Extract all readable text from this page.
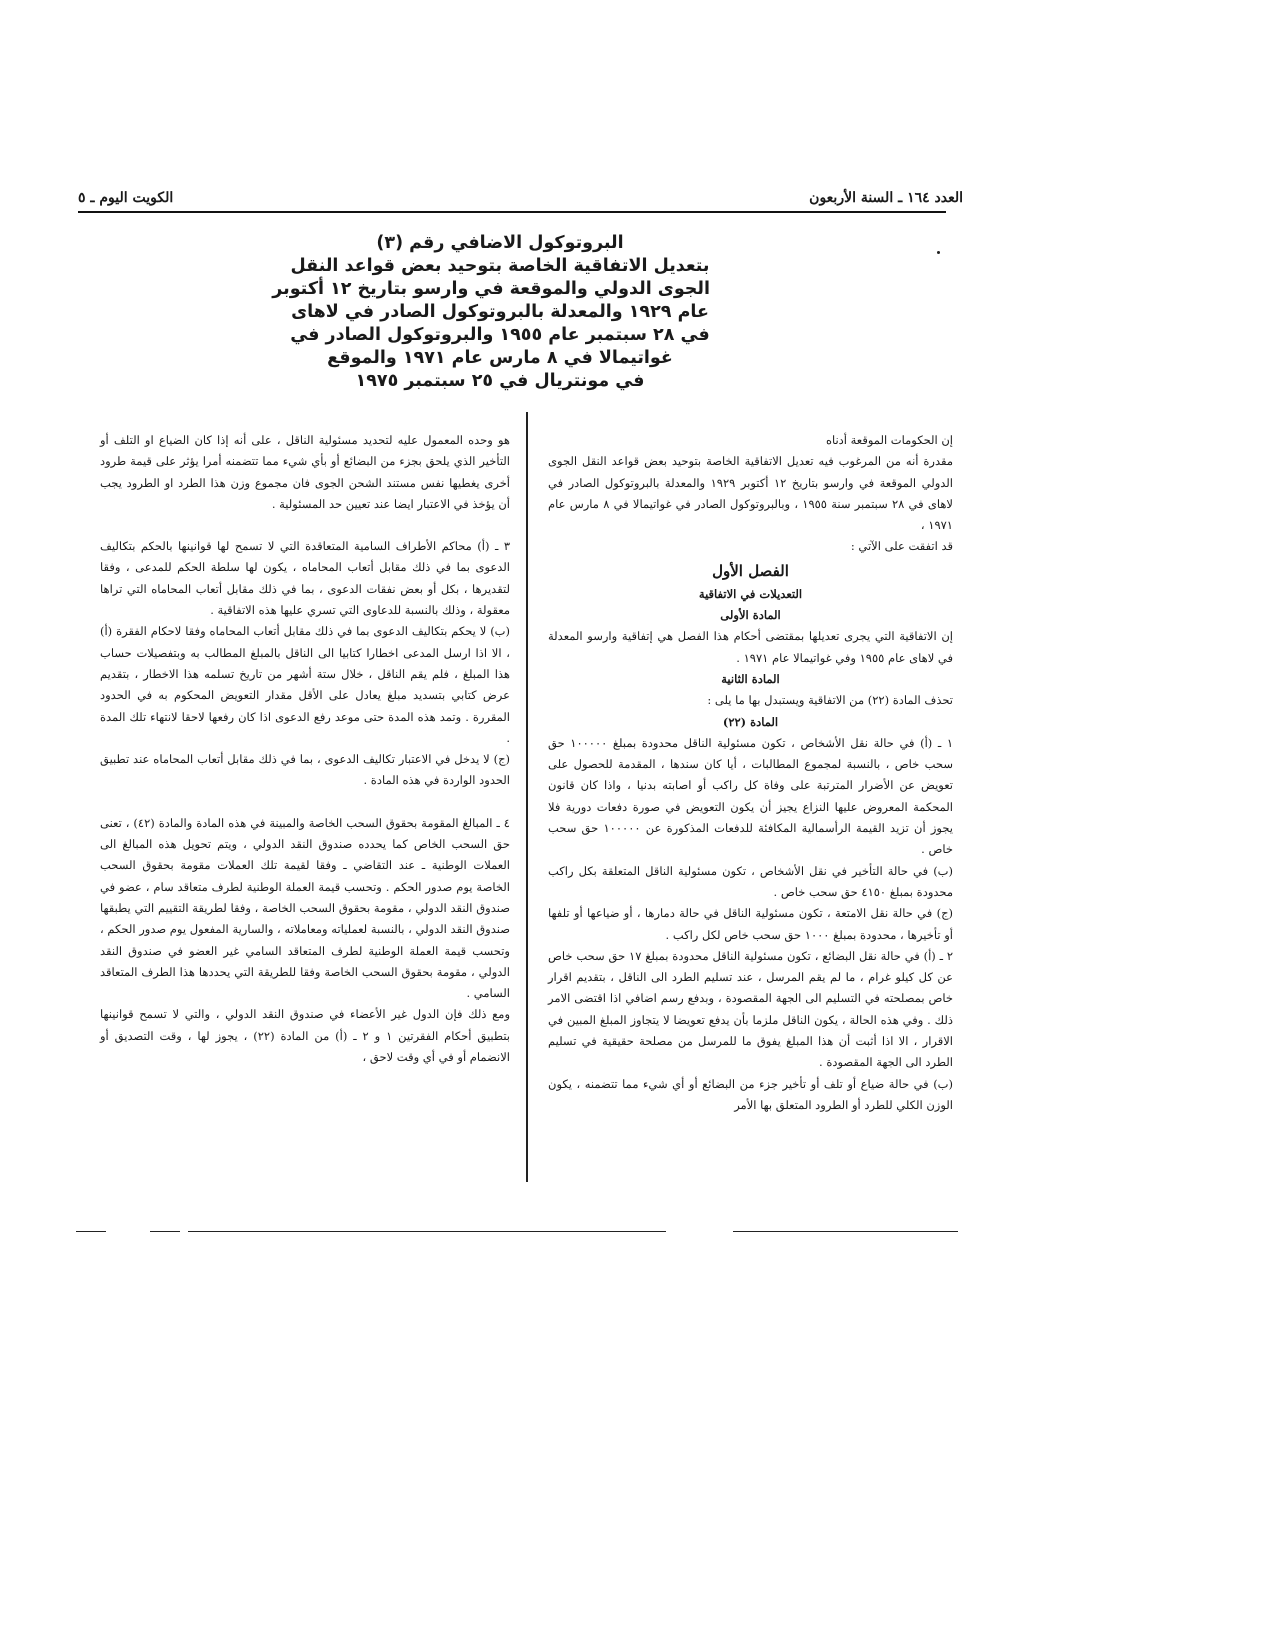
العدد ١٦٤ ـ السنة الأربعون
الكويت اليوم ـ ٥
البروتوكول الاضافي رقم (٣)
بتعديل الاتفاقية الخاصة بتوحيد بعض قواعد النقل
الجوى الدولي والموقعة في وارسو بتاريخ ١٢ أكتوبر
عام ١٩٢٩ والمعدلة بالبروتوكول الصادر في لاهاى
في ٢٨ سبتمبر عام ١٩٥٥ والبروتوكول الصادر في
غواتيمالا في ٨ مارس عام ١٩٧١ والموقع
في مونتريال في ٢٥ سبتمبر ١٩٧٥

إن الحكومات الموقعة أدناه

مقدرة أنه من المرغوب فيه تعديل الاتفاقية الخاصة بتوحيد بعض قواعد النقل الجوى الدولي الموقعة في وارسو بتاريخ ١٢ أكتوبر ١٩٢٩ والمعدلة بالبروتوكول الصادر في لاهاى في ٢٨ سبتمبر سنة ١٩٥٥ ، وبالبروتوكول الصادر في غواتيمالا في ٨ مارس عام ١٩٧١ ،

قد اتفقت على الآتي :

الفصل الأول

التعديلات في الاتفاقية

المادة الأولى

إن الاتفاقية التي يجرى تعديلها بمقتضى أحكام هذا الفصل هي إتفاقية وارسو المعدلة في لاهاى عام ١٩٥٥ وفي غواتيمالا عام ١٩٧١ .

المادة الثانية

تحذف المادة (٢٢) من الاتفاقية ويستبدل بها ما يلى :

المادة (٢٢)

١ ـ (أ) في حالة نقل الأشخاص ، تكون مسئولية الناقل محدودة بمبلغ ١٠٠٠٠٠ حق سحب خاص ، بالنسبة لمجموع المطالبات ، أيا كان سندها ، المقدمة للحصول على تعويض عن الأضرار المترتبة على وفاة كل راكب أو اصابته بدنيا ، واذا كان قانون المحكمة المعروض عليها النزاع يجيز أن يكون التعويض في صورة دفعات دورية فلا يجوز أن تزيد القيمة الرأسمالية المكافئة للدفعات المذكورة عن ١٠٠٠٠٠ حق سحب خاص .

(ب) في حالة التأخير في نقل الأشخاص ، تكون مسئولية الناقل المتعلقة بكل راكب محدودة بمبلغ ٤١٥٠ حق سحب خاص .

(ج) في حالة نقل الامتعة ، تكون مسئولية الناقل في حالة دمارها ، أو ضياعها أو تلفها أو تأخيرها ، محدودة بمبلغ ١٠٠٠ حق سحب خاص لكل راكب .

٢ ـ (أ) في حالة نقل البضائع ، تكون مسئولية الناقل محدودة بمبلغ ١٧ حق سحب خاص عن كل كيلو غرام ، ما لم يقم المرسل ، عند تسليم الطرد الى الناقل ، بتقديم اقرار خاص بمصلحته في التسليم الى الجهة المقصودة ، وبدفع رسم اضافي اذا اقتضى الامر ذلك . وفي هذه الحالة ، يكون الناقل ملزما بأن يدفع تعويضا لا يتجاوز المبلغ المبين في الاقرار ، الا اذا أثبت أن هذا المبلغ يفوق ما للمرسل من مصلحة حقيقية في تسليم الطرد الى الجهة المقصودة .

(ب) في حالة ضياع أو تلف أو تأخير جزء من البضائع أو أي شيء مما تتضمنه ، يكون الوزن الكلي للطرد أو الطرود المتعلق بها الأمر

هو وحده المعمول عليه لتحديد مسئولية الناقل ، على أنه إذا كان الضياع او التلف أو التأخير الذي يلحق بجزء من البضائع أو بأي شيء مما تتضمنه أمرا يؤثر على قيمة طرود أخرى يغطيها نفس مستند الشحن الجوى فان مجموع وزن هذا الطرد او الطرود يجب أن يؤخذ في الاعتبار ايضا عند تعيين حد المسئولية .

٣ ـ (أ) محاكم الأطراف السامية المتعاقدة التي لا تسمح لها قوانينها بالحكم بتكاليف الدعوى بما في ذلك مقابل أتعاب المحاماه ، يكون لها سلطة الحكم للمدعى ، وفقا لتقديرها ، بكل أو بعض نفقات الدعوى ، بما في ذلك مقابل أتعاب المحاماه التي تراها معقولة ، وذلك بالنسبة للدعاوى التي تسري عليها هذه الاتفاقية .

(ب) لا يحكم بتكاليف الدعوى بما في ذلك مقابل أتعاب المحاماه وفقا لاحكام الفقرة (أ) ، الا اذا ارسل المدعى اخطارا كتابيا الى الناقل بالمبلغ المطالب به وبتفصيلات حساب هذا المبلغ ، فلم يقم الناقل ، خلال ستة أشهر من تاريخ تسلمه هذا الاخطار ، بتقديم عرض كتابي بتسديد مبلغ يعادل على الأقل مقدار التعويض المحكوم به في الحدود المقررة . وتمد هذه المدة حتى موعد رفع الدعوى اذا كان رفعها لاحقا لانتهاء تلك المدة .

(ج) لا يدخل في الاعتبار تكاليف الدعوى ، بما في ذلك مقابل أتعاب المحاماه عند تطبيق الحدود الواردة في هذه المادة .

٤ ـ المبالغ المقومة بحقوق السحب الخاصة والمبينة في هذه المادة والمادة (٤٢) ، تعنى حق السحب الخاص كما يحدده صندوق النقد الدولي ، ويتم تحويل هذه المبالغ الى العملات الوطنية ـ عند التقاضي ـ وفقا لقيمة تلك العملات مقومة بحقوق السحب الخاصة يوم صدور الحكم . وتحسب قيمة العملة الوطنية لطرف متعاقد سام ، عضو في صندوق النقد الدولي ، مقومة بحقوق السحب الخاصة ، وفقا لطريقة التقييم التي يطبقها صندوق النقد الدولي ، بالنسبة لعملياته ومعاملاته ، والسارية المفعول يوم صدور الحكم ، وتحسب قيمة العملة الوطنية لطرف المتعاقد السامي غير العضو في صندوق النقد الدولي ، مقومة بحقوق السحب الخاصة وفقا للطريقة التي يحددها هذا الطرف المتعاقد السامي .

ومع ذلك فإن الدول غير الأعضاء في صندوق النقد الدولي ، والتي لا تسمح قوانينها بتطبيق أحكام الفقرتين ١ و ٢ ـ (أ) من المادة (٢٢) ، يجوز لها ، وقت التصديق أو الانضمام أو في أي وقت لاحق ،
